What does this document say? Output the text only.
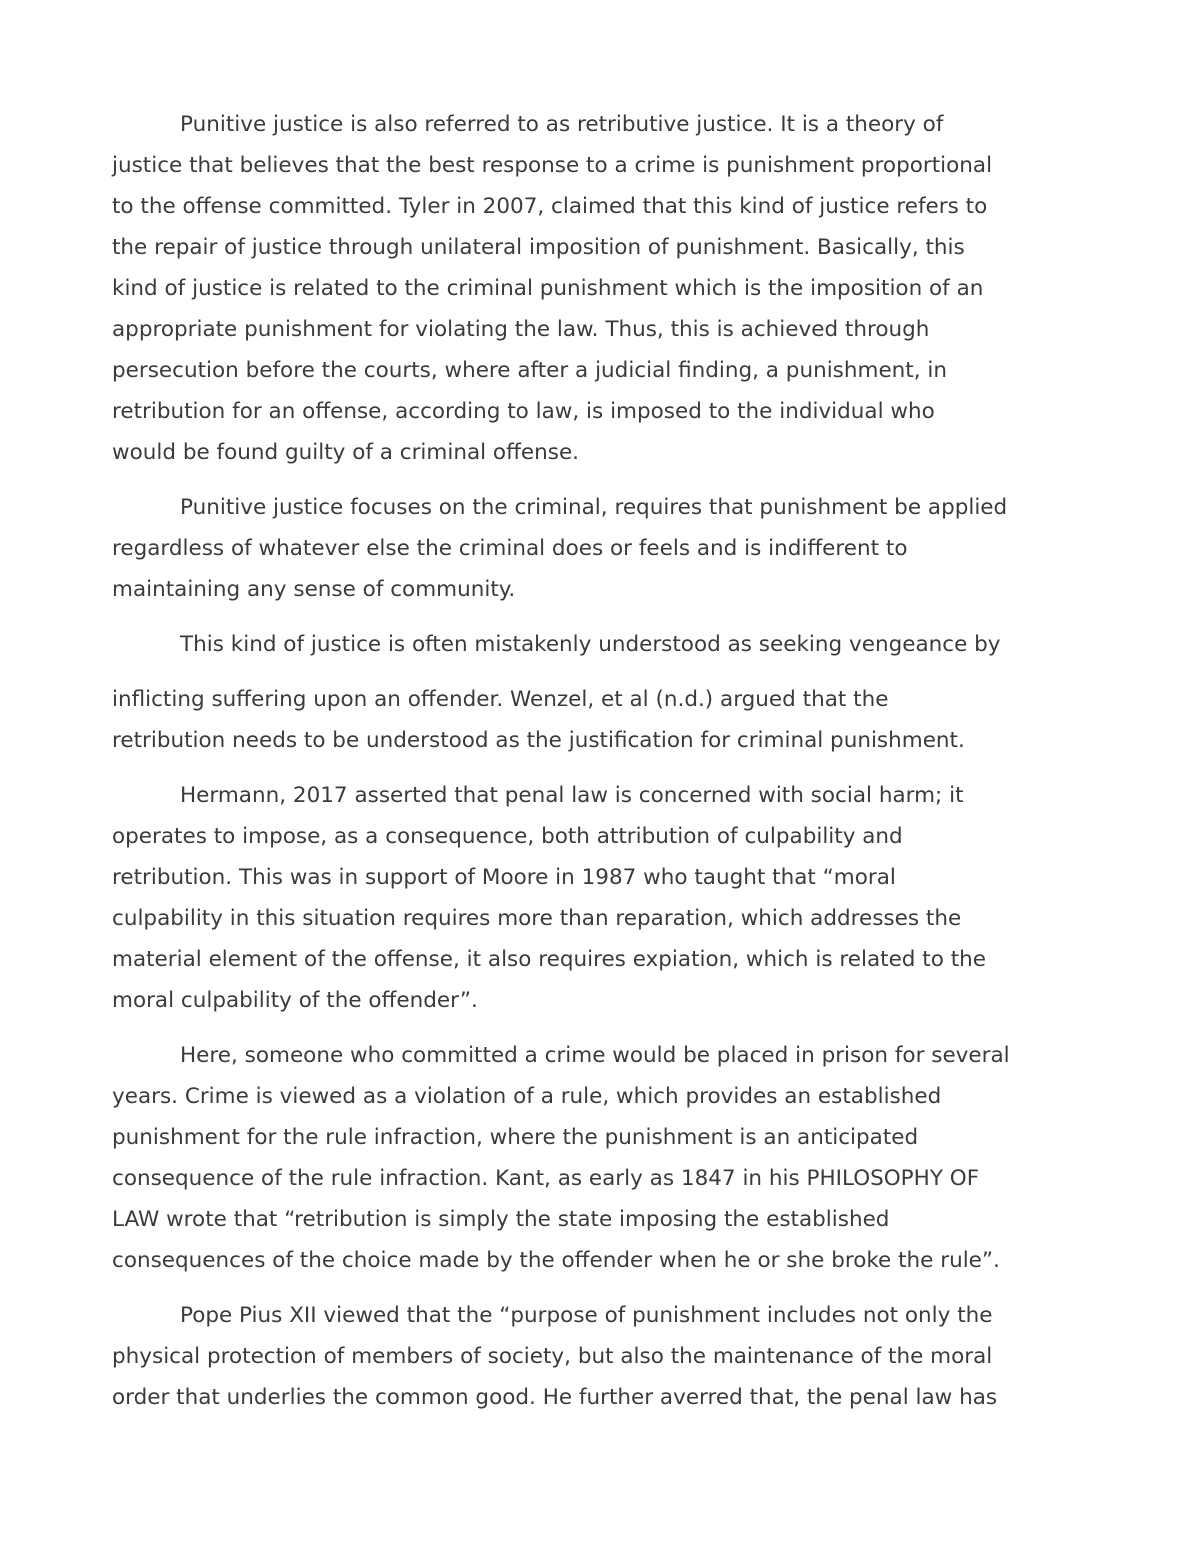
Punitive justice is also referred to as retributive justice. It is a theory of
justice that believes that the best response to a crime is punishment proportional
to the offense committed. Tyler in 2007, claimed that this kind of justice refers to
the repair of justice through unilateral imposition of punishment. Basically, this
kind of justice is related to the criminal punishment which is the imposition of an
appropriate punishment for violating the law. Thus, this is achieved through
persecution before the courts, where after a judicial finding, a punishment, in
retribution for an offense, according to law, is imposed to the individual who
would be found guilty of a criminal offense.

Punitive justice focuses on the criminal, requires that punishment be applied
regardless of whatever else the criminal does or feels and is indifferent to
maintaining any sense of community.

This kind of justice is often mistakenly understood as seeking vengeance by
inflicting suffering upon an offender. Wenzel, et al (n.d.) argued that the
retribution needs to be understood as the justification for criminal punishment.

Hermann, 2017 asserted that penal law is concerned with social harm; it
operates to impose, as a consequence, both attribution of culpability and
retribution. This was in support of Moore in 1987 who taught that “moral
culpability in this situation requires more than reparation, which addresses the
material element of the offense, it also requires expiation, which is related to the
moral culpability of the offender”.

Here, someone who committed a crime would be placed in prison for several
years. Crime is viewed as a violation of a rule, which provides an established
punishment for the rule infraction, where the punishment is an anticipated
consequence of the rule infraction. Kant, as early as 1847 in his PHILOSOPHY OF
LAW wrote that “retribution is simply the state imposing the established
consequences of the choice made by the offender when he or she broke the rule”.

Pope Pius XII viewed that the “purpose of punishment includes not only the
physical protection of members of society, but also the maintenance of the moral
order that underlies the common good. He further averred that, the penal law has
